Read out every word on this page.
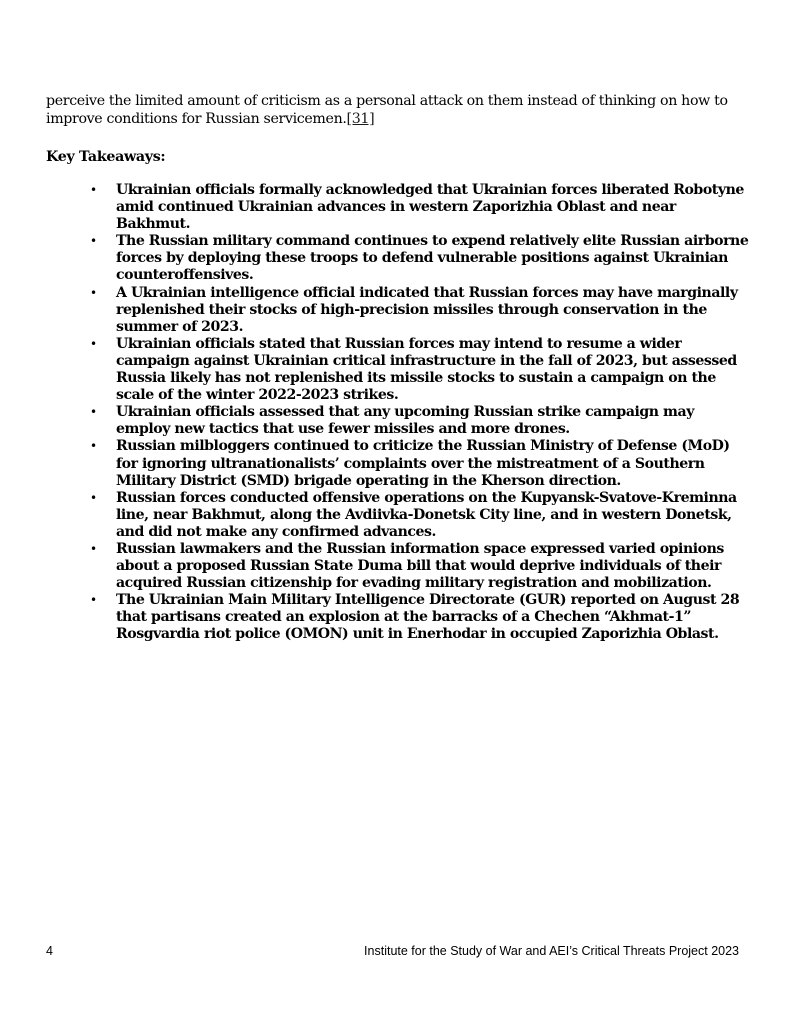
perceive the limited amount of criticism as a personal attack on them instead of thinking on how to improve conditions for Russian servicemen.[31]

Key Takeaways:
• Ukrainian officials formally acknowledged that Ukrainian forces liberated Robotyne amid continued Ukrainian advances in western Zaporizhia Oblast and near Bakhmut.
• The Russian military command continues to expend relatively elite Russian airborne forces by deploying these troops to defend vulnerable positions against Ukrainian counteroffensives.
• A Ukrainian intelligence official indicated that Russian forces may have marginally replenished their stocks of high-precision missiles through conservation in the summer of 2023.
• Ukrainian officials stated that Russian forces may intend to resume a wider campaign against Ukrainian critical infrastructure in the fall of 2023, but assessed Russia likely has not replenished its missile stocks to sustain a campaign on the scale of the winter 2022-2023 strikes.
• Ukrainian officials assessed that any upcoming Russian strike campaign may employ new tactics that use fewer missiles and more drones.
• Russian milbloggers continued to criticize the Russian Ministry of Defense (MoD) for ignoring ultranationalists’ complaints over the mistreatment of a Southern Military District (SMD) brigade operating in the Kherson direction.
• Russian forces conducted offensive operations on the Kupyansk-Svatove-Kreminna line, near Bakhmut, along the Avdiivka-Donetsk City line, and in western Donetsk, and did not make any confirmed advances.
• Russian lawmakers and the Russian information space expressed varied opinions about a proposed Russian State Duma bill that would deprive individuals of their acquired Russian citizenship for evading military registration and mobilization.
• The Ukrainian Main Military Intelligence Directorate (GUR) reported on August 28 that partisans created an explosion at the barracks of a Chechen “Akhmat-1” Rosgvardia riot police (OMON) unit in Enerhodar in occupied Zaporizhia Oblast.

4	Institute for the Study of War and AEI’s Critical Threats Project 2023
